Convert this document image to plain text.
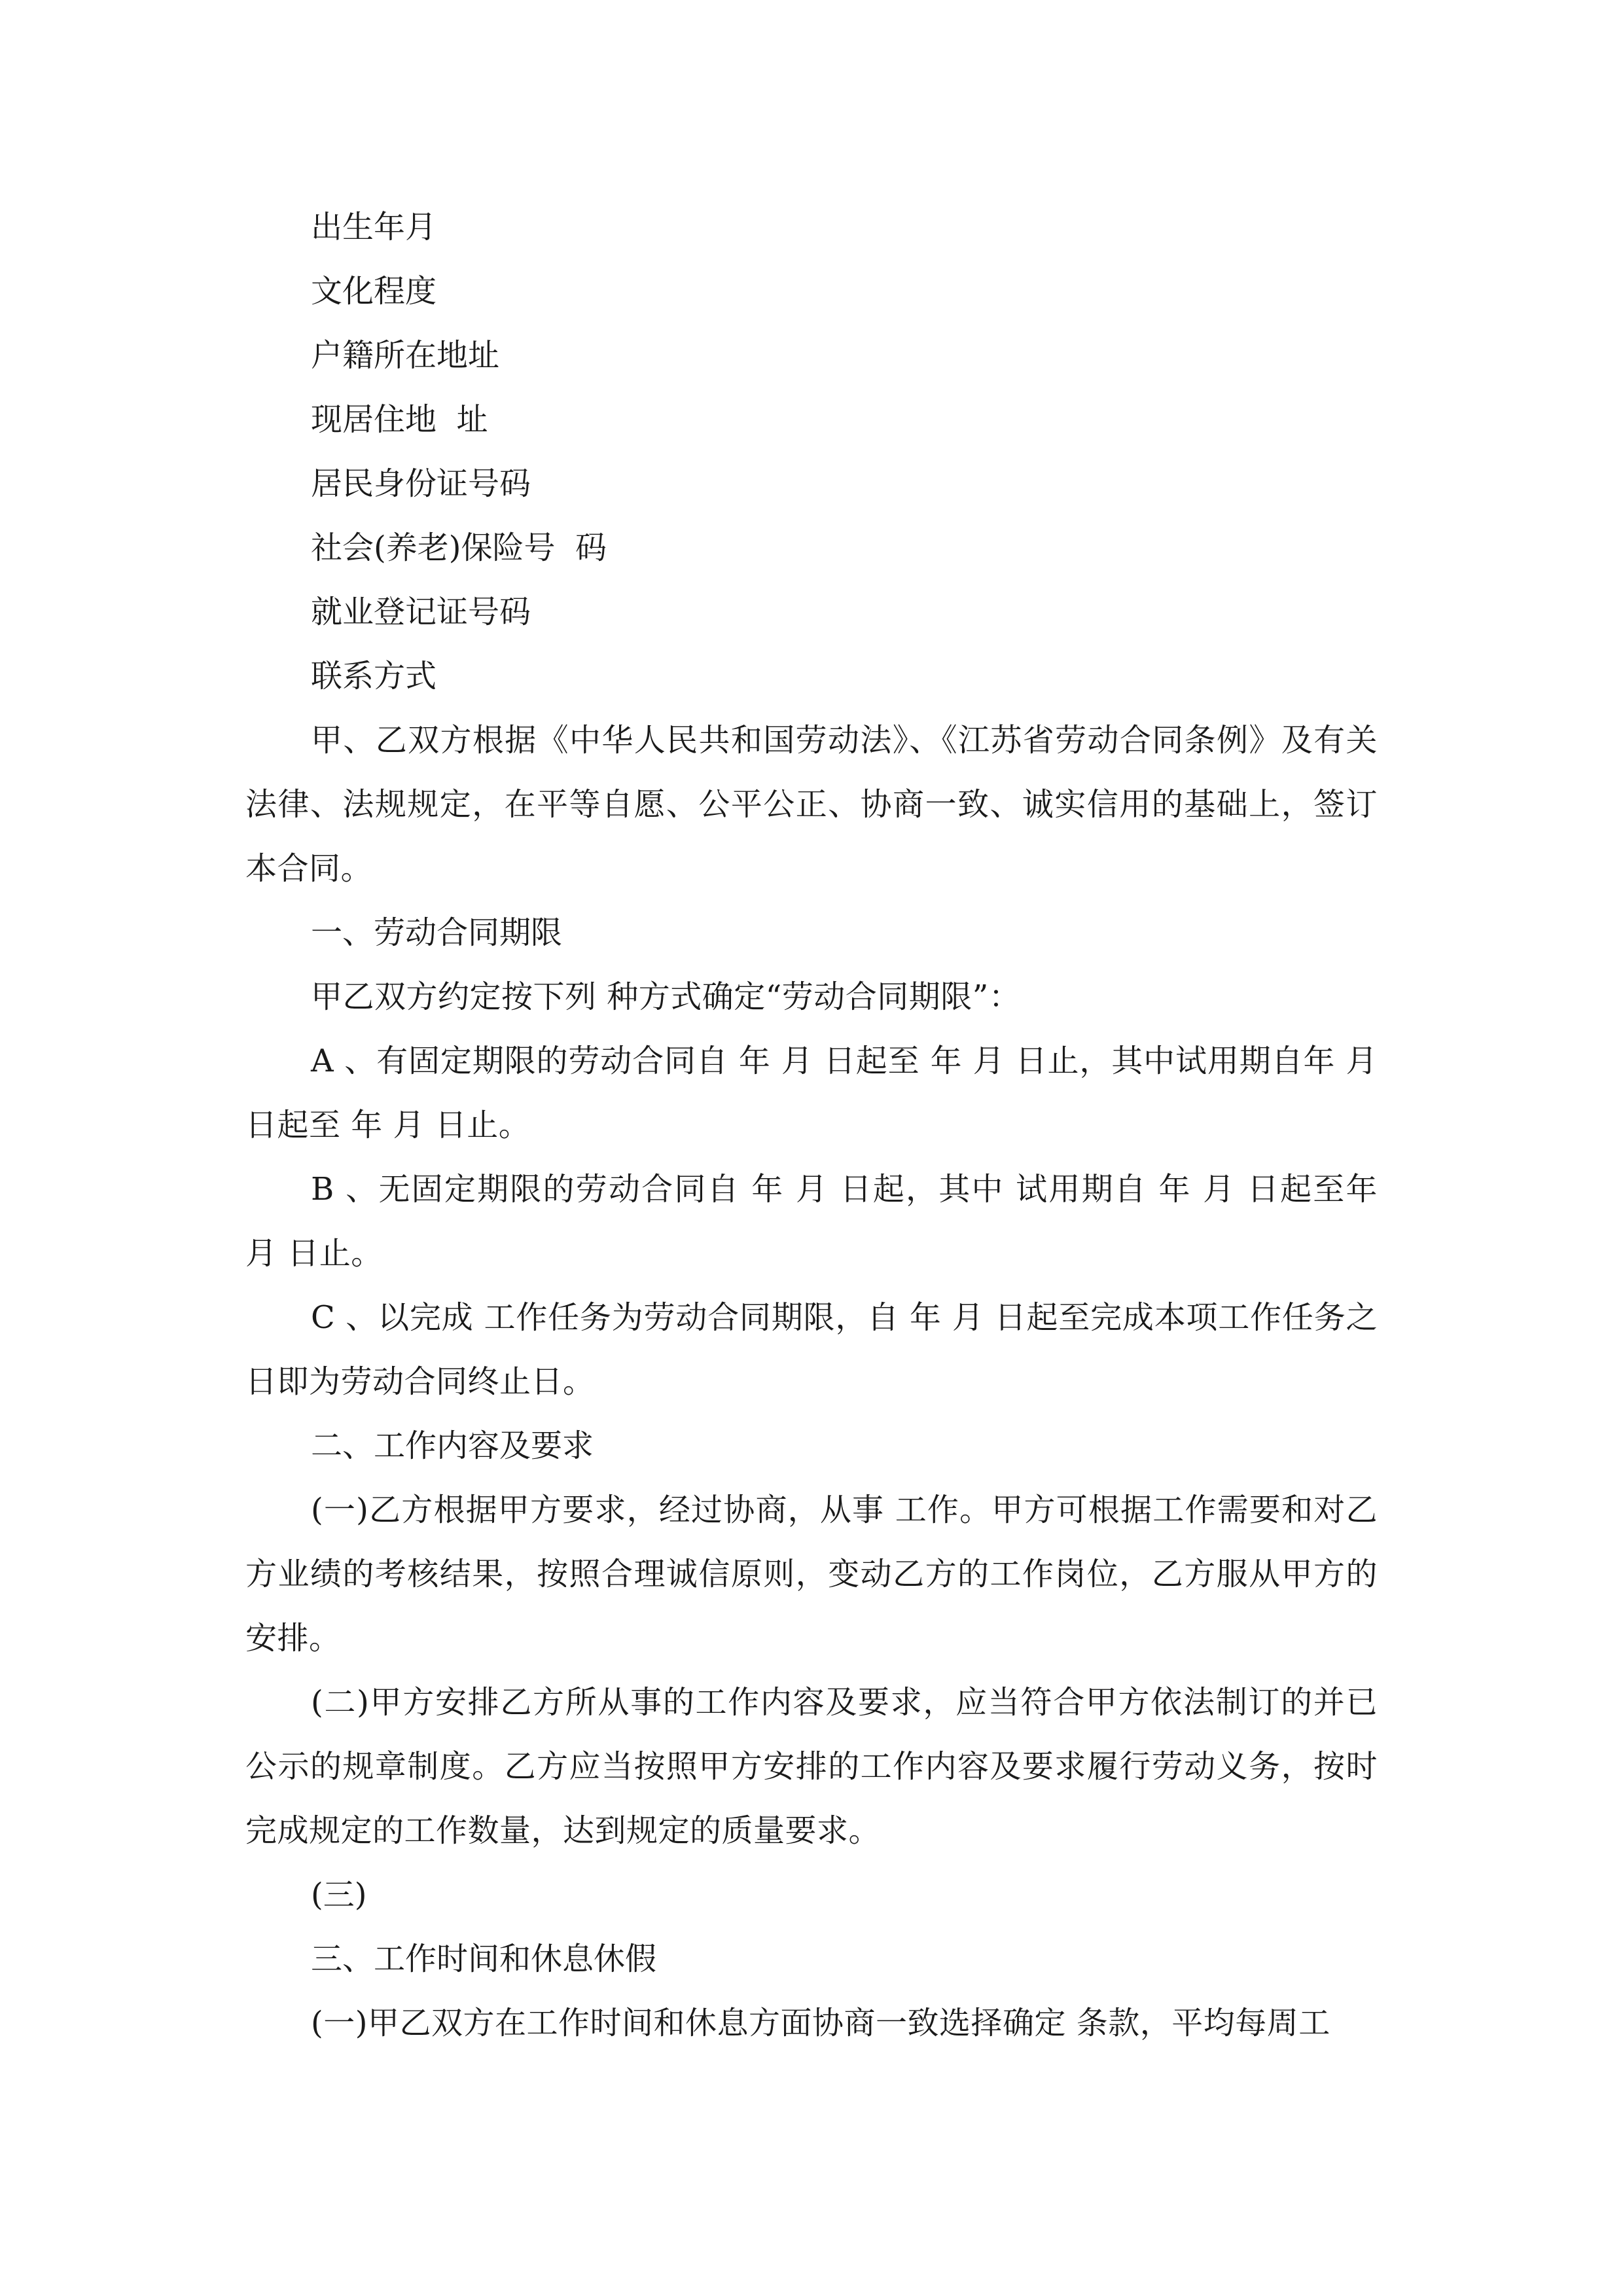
出生年月

文化程度

户籍所在地址

现居住地  址

居民身份证号码

社会(养老)保险号  码

就业登记证号码

联系方式

甲、乙双方根据《中华人民共和国劳动法》、《江苏省劳动合同条例》及有关法律、法规规定，在平等自愿、公平公正、协商一致、诚实信用的基础上，签订本合同。

一、劳动合同期限

甲乙双方约定按下列 种方式确定“劳动合同期限”：

A 、有固定期限的劳动合同自 年 月 日起至 年 月 日止，其中试用期自年 月 日起至 年 月 日止。

B 、无固定期限的劳动合同自 年 月 日起，其中 试用期自 年 月 日起至年 月 日止。

C 、以完成 工作任务为劳动合同期限，自 年 月 日起至完成本项工作任务之日即为劳动合同终止日。

二、工作内容及要求

(一)乙方根据甲方要求，经过协商，从事 工作。甲方可根据工作需要和对乙方业绩的考核结果，按照合理诚信原则，变动乙方的工作岗位，乙方服从甲方的安排。

(二)甲方安排乙方所从事的工作内容及要求，应当符合甲方依法制订的并已公示的规章制度。乙方应当按照甲方安排的工作内容及要求履行劳动义务，按时完成规定的工作数量，达到规定的质量要求。

(三)

三、工作时间和休息休假

(一)甲乙双方在工作时间和休息方面协商一致选择确定 条款，平均每周工
